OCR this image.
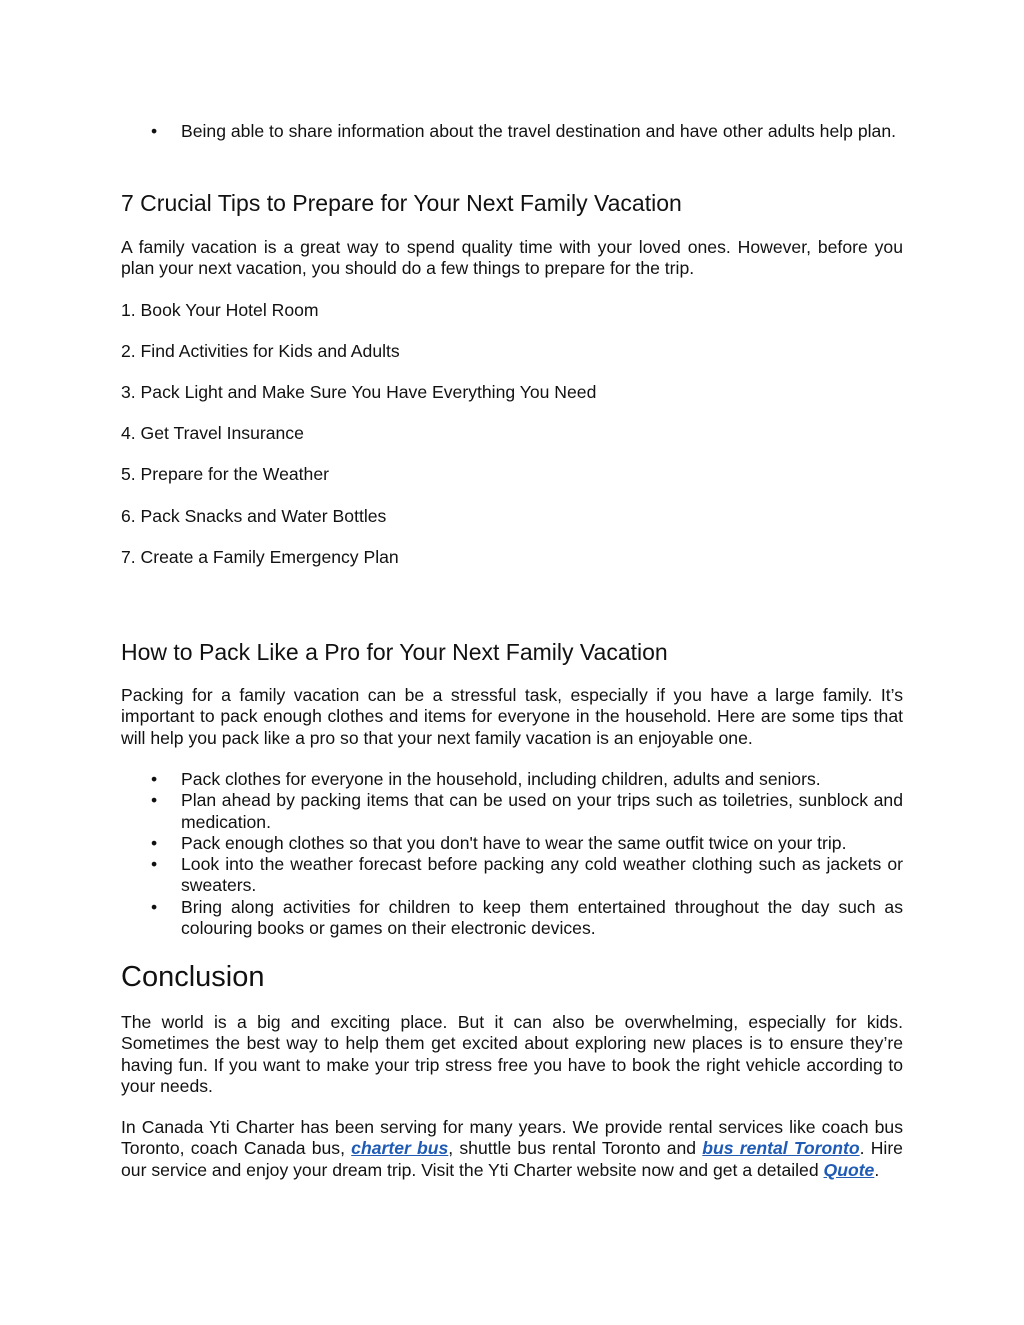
• Being able to share information about the travel destination and have other adults help plan.
7 Crucial Tips to Prepare for Your Next Family Vacation

A family vacation is a great way to spend quality time with your loved ones. However, before you plan your next vacation, you should do a few things to prepare for the trip.

1. Book Your Hotel Room

2. Find Activities for Kids and Adults

3. Pack Light and Make Sure You Have Everything You Need

4. Get Travel Insurance

5. Prepare for the Weather

6. Pack Snacks and Water Bottles

7. Create a Family Emergency Plan

How to Pack Like a Pro for Your Next Family Vacation

Packing for a family vacation can be a stressful task, especially if you have a large family. It’s important to pack enough clothes and items for everyone in the household. Here are some tips that will help you pack like a pro so that your next family vacation is an enjoyable one.

• Pack clothes for everyone in the household, including children, adults and seniors.
• Plan ahead by packing items that can be used on your trips such as toiletries, sunblock and medication.
• Pack enough clothes so that you don't have to wear the same outfit twice on your trip.
• Look into the weather forecast before packing any cold weather clothing such as jackets or sweaters.
• Bring along activities for children to keep them entertained throughout the day such as colouring books or games on their electronic devices.
Conclusion

The world is a big and exciting place. But it can also be overwhelming, especially for kids. Sometimes the best way to help them get excited about exploring new places is to ensure they’re having fun. If you want to make your trip stress free you have to book the right vehicle according to your needs.

In Canada Yti Charter has been serving for many years. We provide rental services like coach bus Toronto, coach Canada bus, charter bus, shuttle bus rental Toronto and bus rental Toronto. Hire our service and enjoy your dream trip. Visit the Yti Charter website now and get a detailed Quote.
